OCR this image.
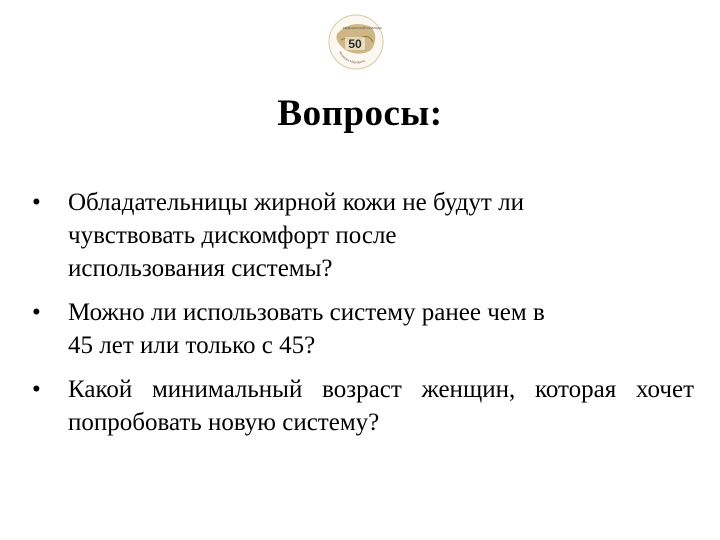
50
МЕДИЦИНСКИЙ КОЛЛЕДЖ
Хачатрян Маргарита
Вопросы:
• Обладательницы жирной кожи не будут ли
чувствовать дискомфорт после
использования системы?
• Можно ли использовать систему ранее чем в
45 лет или только с 45?
• Какой минимальный возраст женщин, которая хочет попробовать новую систему?
